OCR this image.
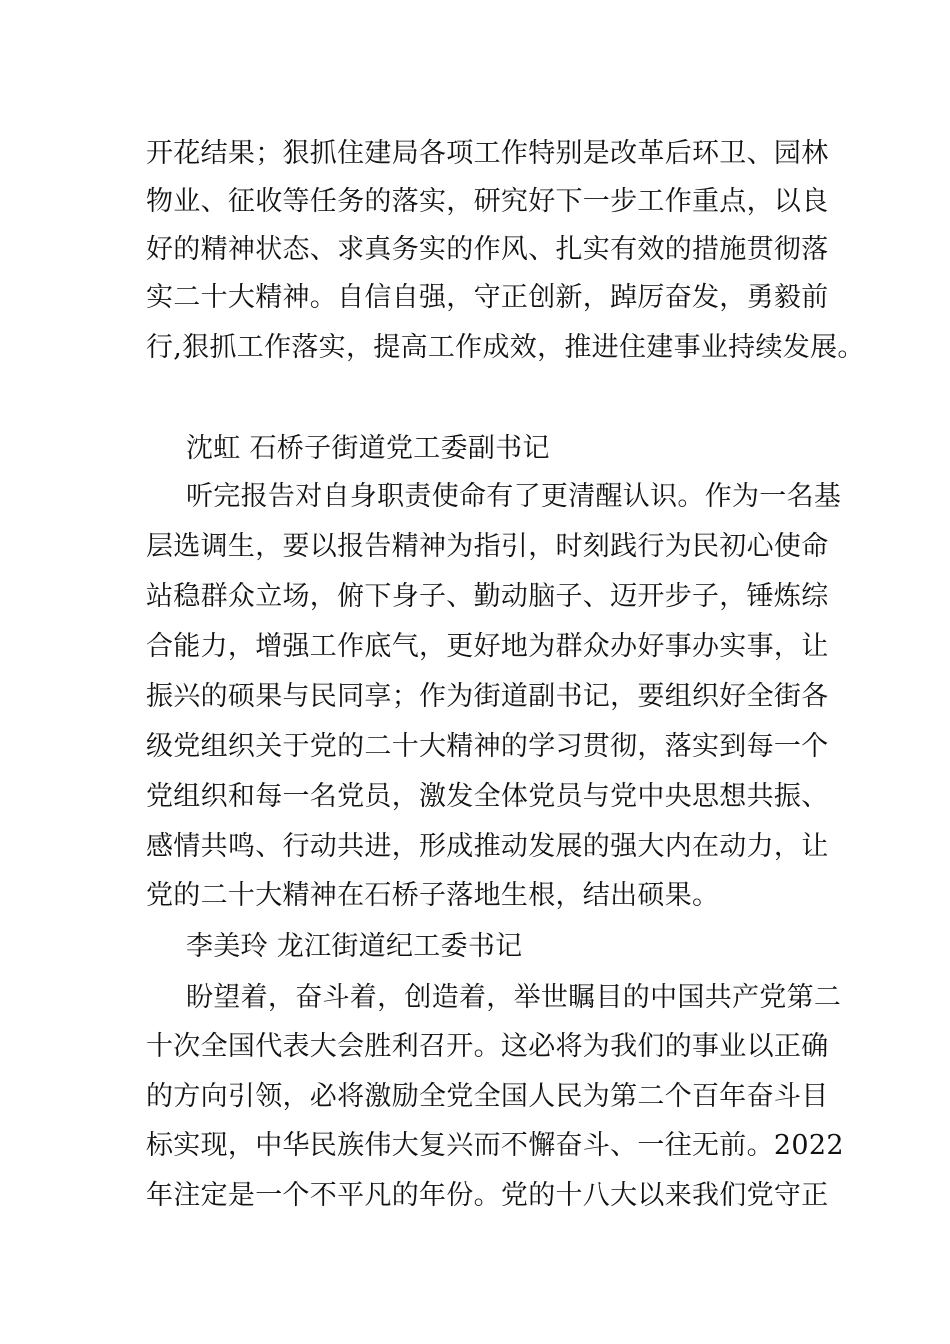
开花结果；狠抓住建局各项工作特别是改革后环卫、园林
物业、征收等任务的落实，研究好下一步工作重点，以良
好的精神状态、求真务实的作风、扎实有效的措施贯彻落
实二十大精神。自信自强，守正创新，踔厉奋发，勇毅前
行,狠抓工作落实，提高工作成效，推进住建事业持续发展。
沈虹 石桥子街道党工委副书记
听完报告对自身职责使命有了更清醒认识。作为一名基
层选调生，要以报告精神为指引，时刻践行为民初心使命
站稳群众立场，俯下身子、勤动脑子、迈开步子，锤炼综
合能力，增强工作底气，更好地为群众办好事办实事，让
振兴的硕果与民同享；作为街道副书记，要组织好全街各
级党组织关于党的二十大精神的学习贯彻，落实到每一个
党组织和每一名党员，激发全体党员与党中央思想共振、
感情共鸣、行动共进，形成推动发展的强大内在动力，让
党的二十大精神在石桥子落地生根，结出硕果。
李美玲 龙江街道纪工委书记
盼望着，奋斗着，创造着，举世瞩目的中国共产党第二
十次全国代表大会胜利召开。这必将为我们的事业以正确
的方向引领，必将激励全党全国人民为第二个百年奋斗目
标实现，中华民族伟大复兴而不懈奋斗、一往无前。2022
年注定是一个不平凡的年份。党的十八大以来我们党守正
